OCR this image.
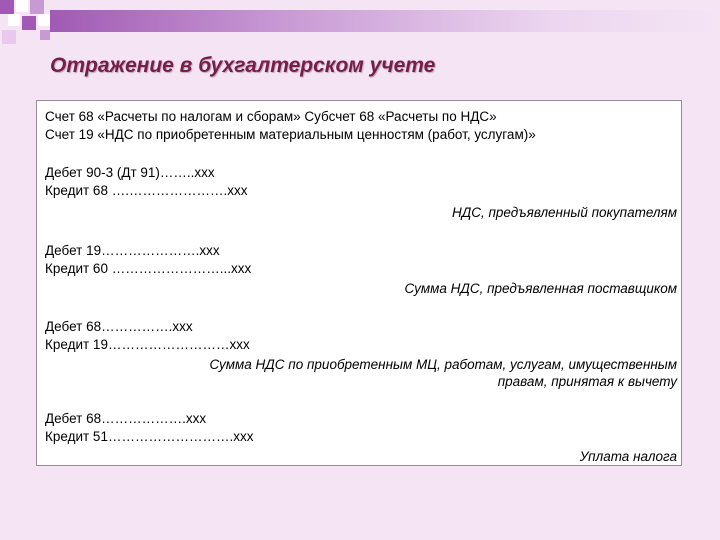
Отражение в бухгалтерском учете
Счет 68 «Расчеты по налогам и сборам» Субсчет 68 «Расчеты по НДС»
Счет 19 «НДС по приобретенным материальным ценностям (работ, услугам)»
Дебет 90-3 (Дт 91)……..ххх
Кредит 68 ….………………….ххх
НДС, предъявленный покупателям
Дебет 19………………….ххх
Кредит 60 ……………………...ххх
Сумма НДС, предъявленная поставщиком
Дебет 68…………….ххх
Кредит 19………………………ххх
Сумма НДС по приобретенным МЦ, работам, услугам, имущественным
правам, принятая к вычету
Дебет 68……………….ххх
Кредит 51……………………….ххх
Уплата налога
